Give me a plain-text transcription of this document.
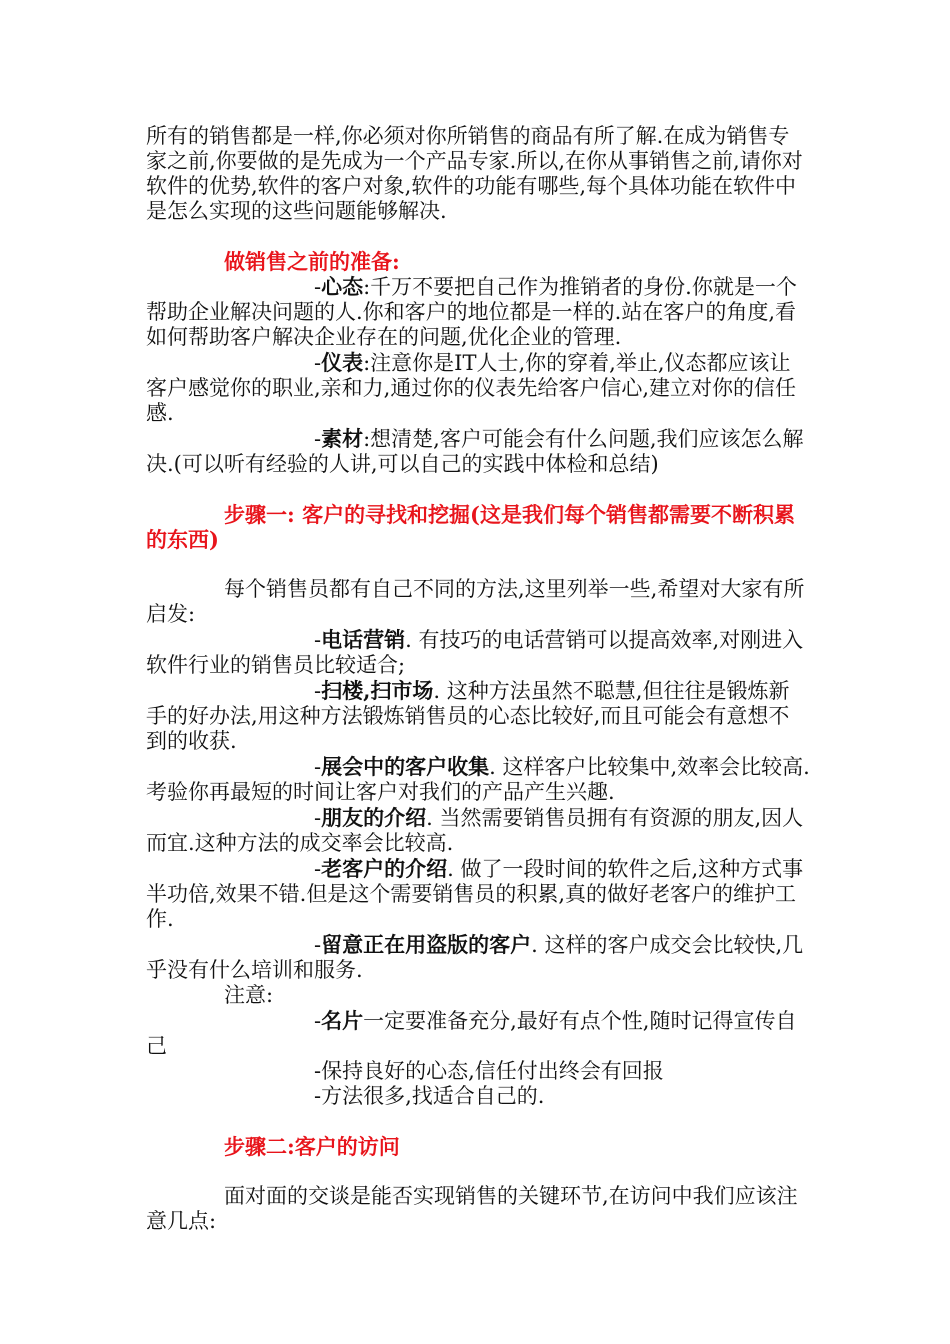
所有的销售都是一样,你必须对你所销售的商品有所了解.在成为销售专家之前,你要做的是先成为一个产品专家.所以,在你从事销售之前,请你对软件的优势,软件的客户对象,软件的功能有哪些,每个具体功能在软件中是怎么实现的这些问题能够解决.

做销售之前的准备:

-心态:千万不要把自己作为推销者的身份.你就是一个帮助企业解决问题的人.你和客户的地位都是一样的.站在客户的角度,看如何帮助客户解决企业存在的问题,优化企业的管理.

-仪表:注意你是IT人士,你的穿着,举止,仪态都应该让客户感觉你的职业,亲和力,通过你的仪表先给客户信心,建立对你的信任感.

-素材:想清楚,客户可能会有什么问题,我们应该怎么解决.(可以听有经验的人讲,可以自己的实践中体检和总结)

步骤一: 客户的寻找和挖掘(这是我们每个销售都需要不断积累的东西)

每个销售员都有自己不同的方法,这里列举一些,希望对大家有所启发:

-电话营销. 有技巧的电话营销可以提高效率,对刚进入软件行业的销售员比较适合;

-扫楼,扫市场. 这种方法虽然不聪慧,但往往是锻炼新手的好办法,用这种方法锻炼销售员的心态比较好,而且可能会有意想不到的收获.

-展会中的客户收集. 这样客户比较集中,效率会比较高.考验你再最短的时间让客户对我们的产品产生兴趣.

-朋友的介绍. 当然需要销售员拥有有资源的朋友,因人而宜.这种方法的成交率会比较高.

-老客户的介绍. 做了一段时间的软件之后,这种方式事半功倍,效果不错.但是这个需要销售员的积累,真的做好老客户的维护工作.

-留意正在用盗版的客户. 这样的客户成交会比较快,几乎没有什么培训和服务.

注意:

-名片一定要准备充分,最好有点个性,随时记得宣传自己

-保持良好的心态,信任付出终会有回报

-方法很多,找适合自己的.

步骤二:客户的访问

面对面的交谈是能否实现销售的关键环节,在访问中我们应该注意几点:
